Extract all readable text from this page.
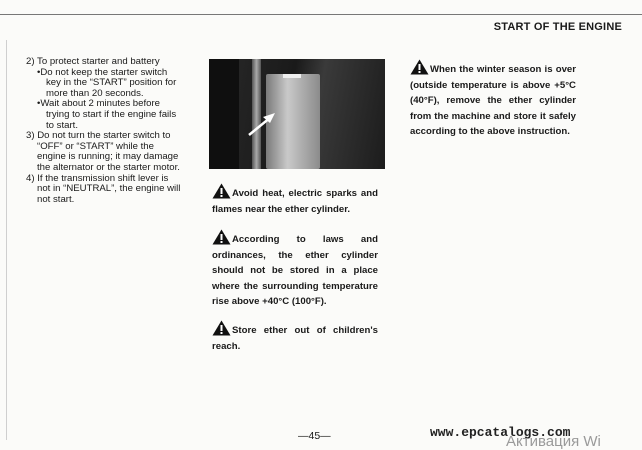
START OF THE ENGINE

2) To protect starter and battery

•Do not keep the starter switch key in the “START” position for more than 20 seconds.

•Wait about 2 minutes before trying to start if the engine fails to start.

3) Do not turn the starter switch to “OFF” or “START” while the engine is running; it may damage the alternator or the starter motor.

4) If the transmission shift lever is not in “NEUTRAL”, the engine will not start.

Avoid heat, electric sparks and flames near the ether cylinder.
According to laws and ordinances, the ether cylinder should not be stored in a place where the surrounding temperature rise above +40°C (100°F).
Store ether out of children's reach.
When the winter season is over (outside temperature is above +5°C (40°F), remove the ether cylinder from the machine and store it safely according to the above instruction.
—45—	www.epcatalogs.com
Активация Wi
